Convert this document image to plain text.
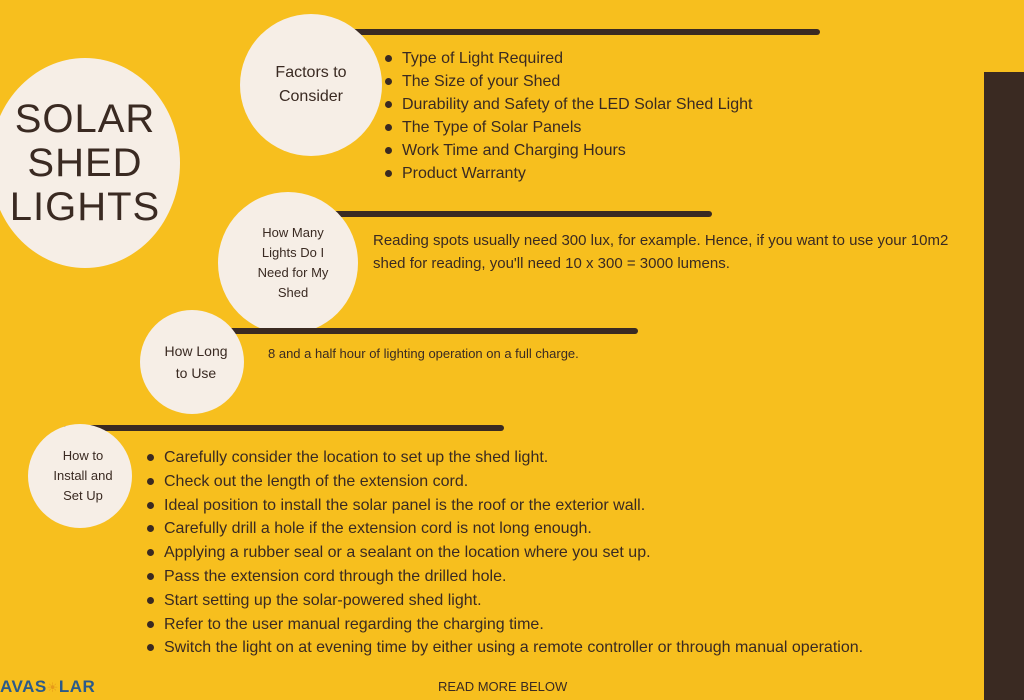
SOLAR
SHED
LIGHTS
Factors to
Consider
Type of Light Required
The Size of your Shed
Durability and Safety of the LED Solar Shed Light
The Type of Solar Panels
Work Time and Charging Hours
Product Warranty
How Many
Lights Do I
Need for My
Shed
Reading spots usually need 300 lux, for example. Hence, if you want to use your 10m2 shed for reading, you'll need 10 x 300 = 3000 lumens.
How Long
to Use
8 and a half hour of lighting operation on a full charge.
How to
Install and
Set Up
Carefully consider the location to set up the shed light.
Check out the length of the extension cord.
Ideal position to install the solar panel is the roof or the exterior wall.
Carefully drill a hole if the extension cord is not long enough.
Applying a rubber seal or a sealant on the location where you set up.
Pass the extension cord through the drilled hole.
Start setting up the solar-powered shed light.
Refer to the user manual regarding the charging time.
Switch the light on at evening time by either using a remote controller or through manual operation.
AVAS☀LAR	READ MORE BELOW
